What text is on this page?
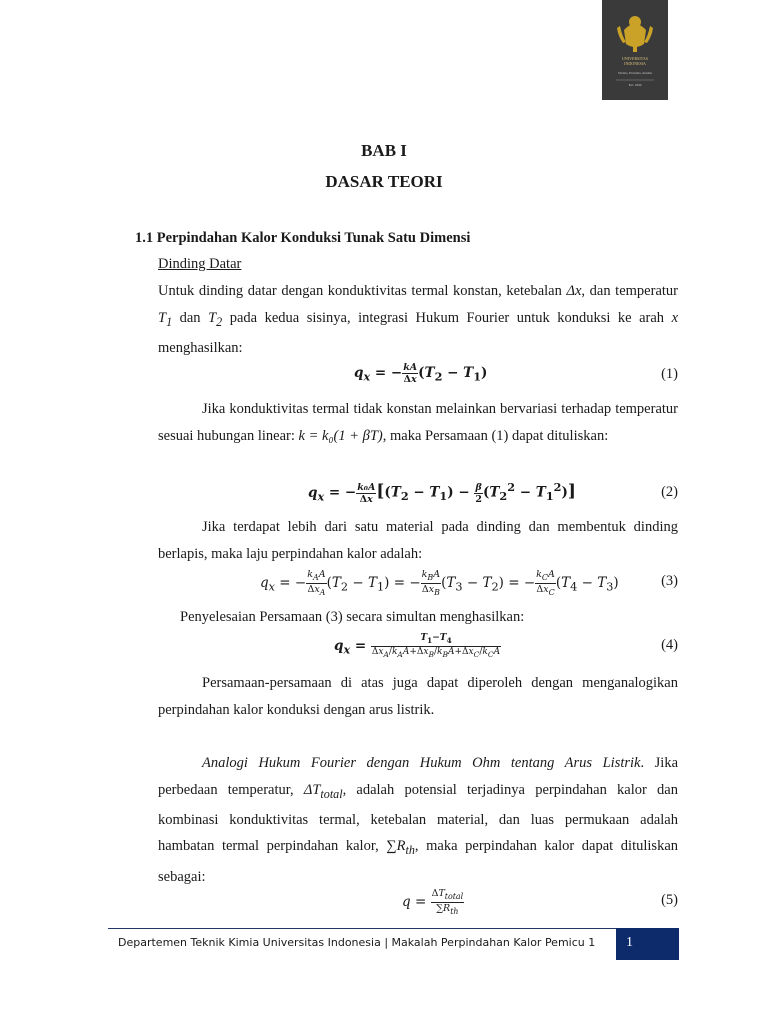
UNIVERSITAS
INDONESIA
Veritas, Probitas, Iustitia
Est. 1849
BAB I
DASAR TEORI
1.1 Perpindahan Kalor Konduksi Tunak Satu Dimensi
Dinding Datar
Untuk dinding datar dengan konduktivitas termal konstan, ketebalan Δx, dan temperatur $T_1$ dan $T_2$ pada kedua sisinya, integrasi Hukum Fourier untuk konduksi ke arah x menghasilkan:
$q_x$ = − $\frac{kA}{\Delta x} (T_2 - T_1)$	(1)
Jika konduktivitas termal tidak konstan melainkan bervariasi terhadap temperatur sesuai hubungan linear: k = k₀(1 + βT), maka Persamaan (1) dapat dituliskan:
$q_x$ = − $\frac{\text{k₀A}}{\Delta x} [(T_2 - T_1) - \frac{\beta}{2} (T_2^2 - T_1^2)]$	(2)
Jika terdapat lebih dari satu material pada dinding dan membentuk dinding berlapis, maka laju perpindahan kalor adalah:
$q_x$ = − $\frac{k_AA}{\Delta x_A} (T_2 - T_1)$ = − $\frac{k_BA}{\Delta x_B} (T_3 - T_2)$ = − $\frac{k_CA}{\Delta x_C} (T_4 - T_3)$	(3)
Penyelesaian Persamaan (3) secara simultan menghasilkan:
$q_x = \frac{T_1-T_4}{\Delta x_A/k_AA+\Delta x_B/k_BA+\Delta x_C/k_CA}$	(4)
Persamaan-persamaan di atas juga dapat diperoleh dengan menganalogikan perpindahan kalor konduksi dengan arus listrik.
Analogi Hukum Fourier dengan Hukum Ohm tentang Arus Listrik. Jika perbedaan temperatur, $\Delta T_{total}$, adalah potensial terjadinya perpindahan kalor dan kombinasi konduktivitas termal, ketebalan material, dan luas permukaan adalah hambatan termal perpindahan kalor, $\sum R_{th}$, maka perpindahan kalor dapat dituliskan sebagai:
$q = \frac{\Delta T_{total}}{\sum R_{th}}$	(5)
Departemen Teknik Kimia Universitas Indonesia | Makalah Perpindahan Kalor Pemicu 1	1
